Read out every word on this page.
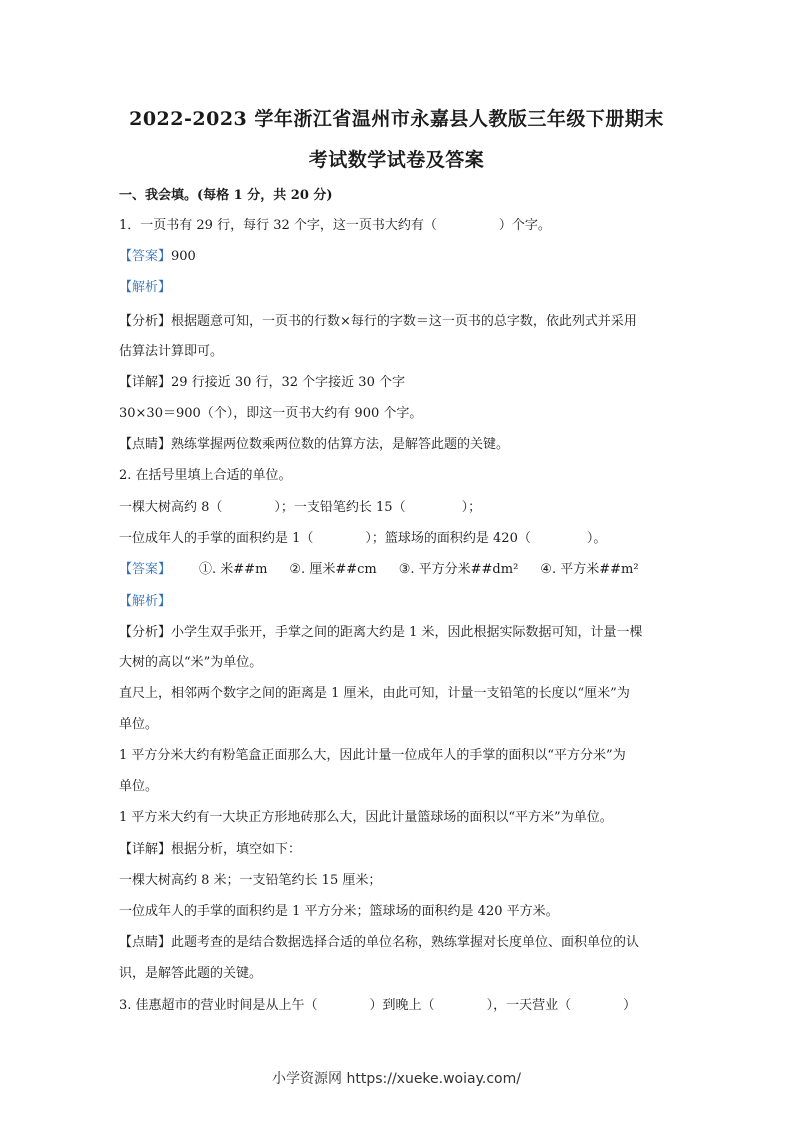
2022-2023 学年浙江省温州市永嘉县人教版三年级下册期末
考试数学试卷及答案
一、我会填。(每格 1 分，共 20 分)
1．一页书有 29 行，每行 32 个字，这一页书大约有（	）个字。
【答案】900
【解析】
【分析】根据题意可知，一页书的行数×每行的字数＝这一页书的总字数，依此列式并采用
估算法计算即可。
【详解】29 行接近 30 行，32 个字接近 30 个字
30×30＝900（个），即这一页书大约有 900 个字。
【点睛】熟练掌握两位数乘两位数的估算方法，是解答此题的关键。
2. 在括号里填上合适的单位。
一棵大树高约 8（	）；一支铅笔约长 15（	）；
一位成年人的手掌的面积约是 1（	）；篮球场的面积约是 420（	）。
【答案】 ①. 米##m ②. 厘米##cm ③. 平方分米##dm² ④. 平方米##m²
【解析】
【分析】小学生双手张开，手掌之间的距离大约是 1 米，因此根据实际数据可知，计量一棵
大树的高以“米”为单位。
直尺上，相邻两个数字之间的距离是 1 厘米，由此可知，计量一支铅笔的长度以“厘米”为
单位。
1 平方分米大约有粉笔盒正面那么大，因此计量一位成年人的手掌的面积以“平方分米”为
单位。
1 平方米大约有一大块正方形地砖那么大，因此计量篮球场的面积以“平方米”为单位。
【详解】根据分析，填空如下：
一棵大树高约 8 米；一支铅笔约长 15 厘米；
一位成年人的手掌的面积约是 1 平方分米；篮球场的面积约是 420 平方米。
【点睛】此题考查的是结合数据选择合适的单位名称，熟练掌握对长度单位、面积单位的认
识，是解答此题的关键。
3. 佳惠超市的营业时间是从上午（	）到晚上（	），一天营业（	）
小学资源网 https://xueke.woiay.com/
